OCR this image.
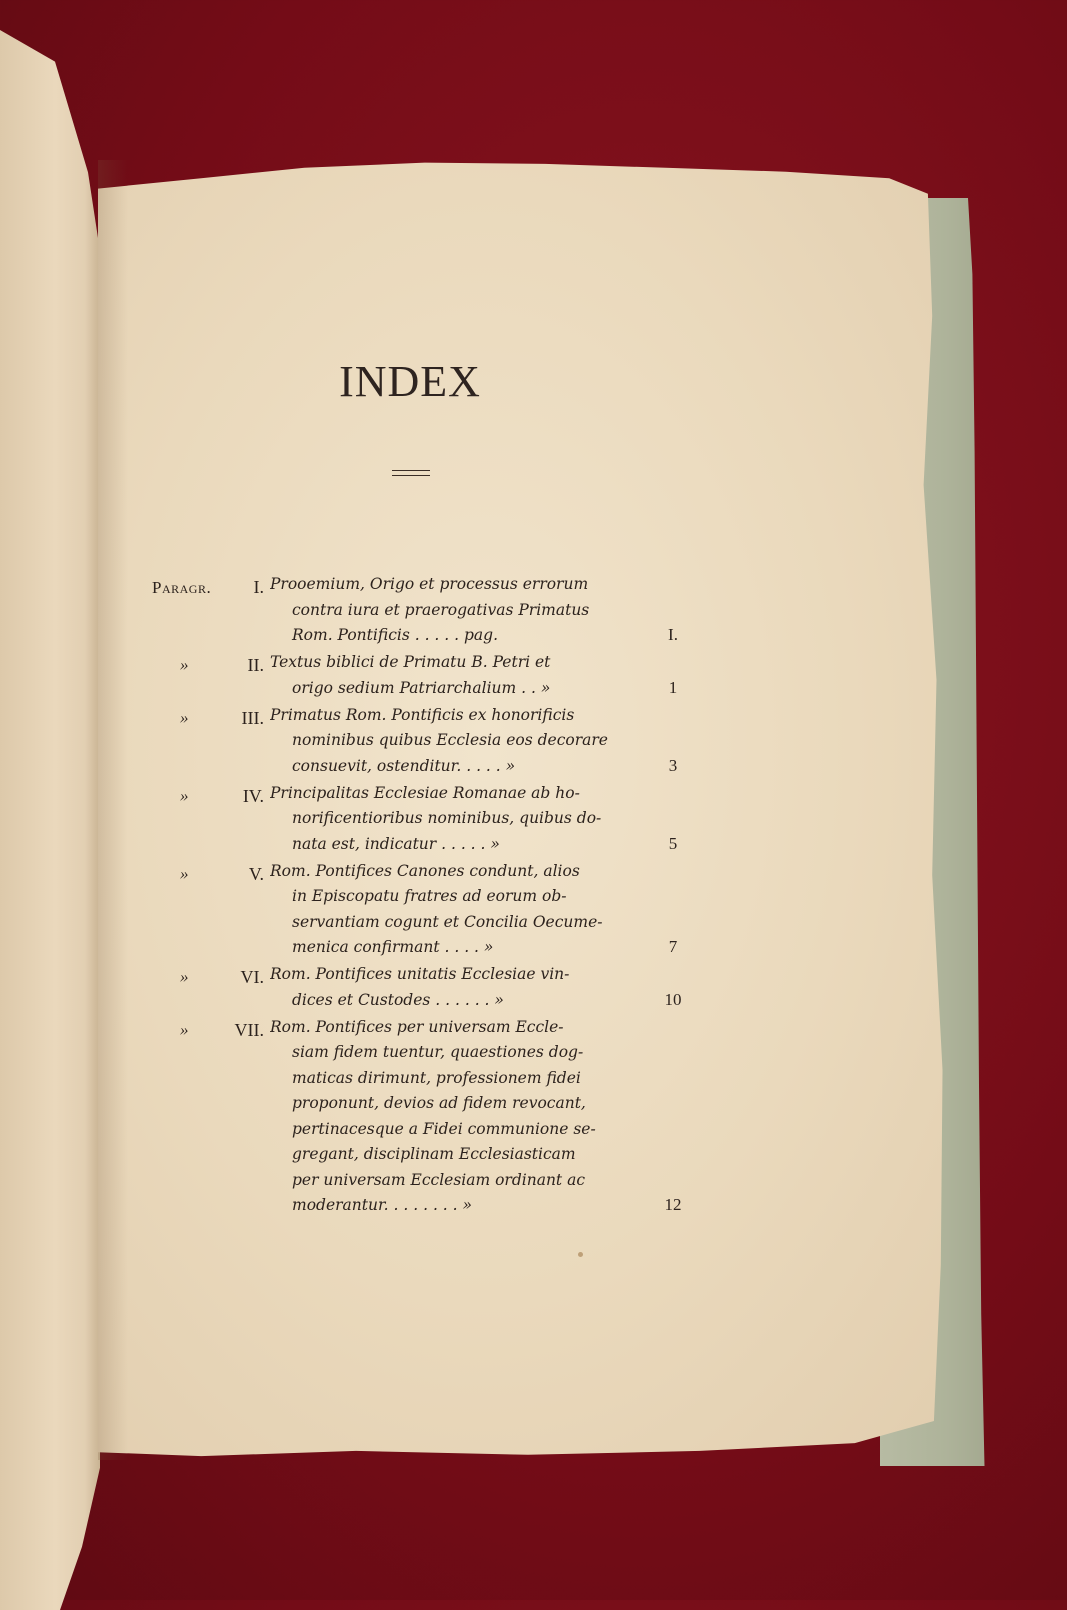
INDEX
Paragr.	I. Prooemium, Origo et processus errorum
contra iura et praerogativas Primatus
Rom. Pontificis . . . . . pag.	I.
»	II. Textus biblici de Primatu B. Petri et
origo sedium Patriarchalium . . »	1
»	III. Primatus Rom. Pontificis ex honorificis
nominibus quibus Ecclesia eos decorare
consuevit, ostenditur. . . . . »	3
»	IV. Principalitas Ecclesiae Romanae ab ho-
norificentioribus nominibus, quibus do-
nata est, indicatur . . . . . »	5
»	V. Rom. Pontifices Canones condunt, alios
in Episcopatu fratres ad eorum ob-
servantiam cogunt et Concilia Oecume-
menica confirmant . . . . »	7
»	VI. Rom. Pontifices unitatis Ecclesiae vin-
dices et Custodes . . . . . . »	10
»	VII. Rom. Pontifices per universam Eccle-
siam fidem tuentur, quaestiones dog-
maticas dirimunt, professionem fidei
proponunt, devios ad fidem revocant,
pertinacesque a Fidei communione se-
gregant, disciplinam Ecclesiasticam
per universam Ecclesiam ordinant ac
moderantur. . . . . . . . »	12
